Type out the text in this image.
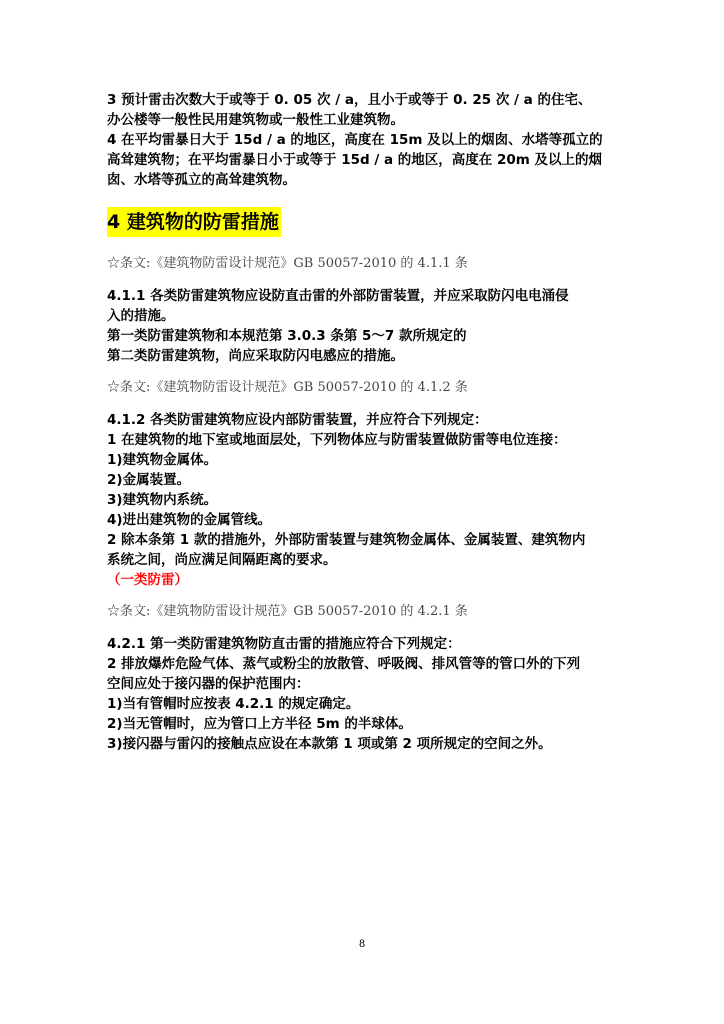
3 预计雷击次数大于或等于 0. 05 次 / a，且小于或等于 0. 25 次 / a 的住宅、
办公楼等一般性民用建筑物或一般性工业建筑物。
4 在平均雷暴日大于 15d / a 的地区，高度在 15m 及以上的烟囱、水塔等孤立的
高耸建筑物；在平均雷暴日小于或等于 15d / a 的地区，高度在 20m 及以上的烟
囱、水塔等孤立的高耸建筑物。
4 建筑物的防雷措施
☆条文:《建筑物防雷设计规范》GB 50057-2010 的 4.1.1 条
4.1.1 各类防雷建筑物应设防直击雷的外部防雷装置，并应采取防闪电电涌侵
入的措施。
第一类防雷建筑物和本规范第 3.0.3 条第 5～7 款所规定的
第二类防雷建筑物，尚应采取防闪电感应的措施。
☆条文:《建筑物防雷设计规范》GB 50057-2010 的 4.1.2 条
4.1.2 各类防雷建筑物应设内部防雷装置，并应符合下列规定：
1 在建筑物的地下室或地面层处，下列物体应与防雷装置做防雷等电位连接：
1)建筑物金属体。
2)金属装置。
3)建筑物内系统。
4)进出建筑物的金属管线。
2 除本条第 1 款的措施外，外部防雷装置与建筑物金属体、金属装置、建筑物内
系统之间，尚应满足间隔距离的要求。
（一类防雷）
☆条文:《建筑物防雷设计规范》GB 50057-2010 的 4.2.1 条
4.2.1 第一类防雷建筑物防直击雷的措施应符合下列规定：
2 排放爆炸危险气体、蒸气或粉尘的放散管、呼吸阀、排风管等的管口外的下列
空间应处于接闪器的保护范围内：
1)当有管帽时应按表 4.2.1 的规定确定。
2)当无管帽时，应为管口上方半径 5m 的半球体。
3)接闪器与雷闪的接触点应设在本款第 1 项或第 2 项所规定的空间之外。
8
